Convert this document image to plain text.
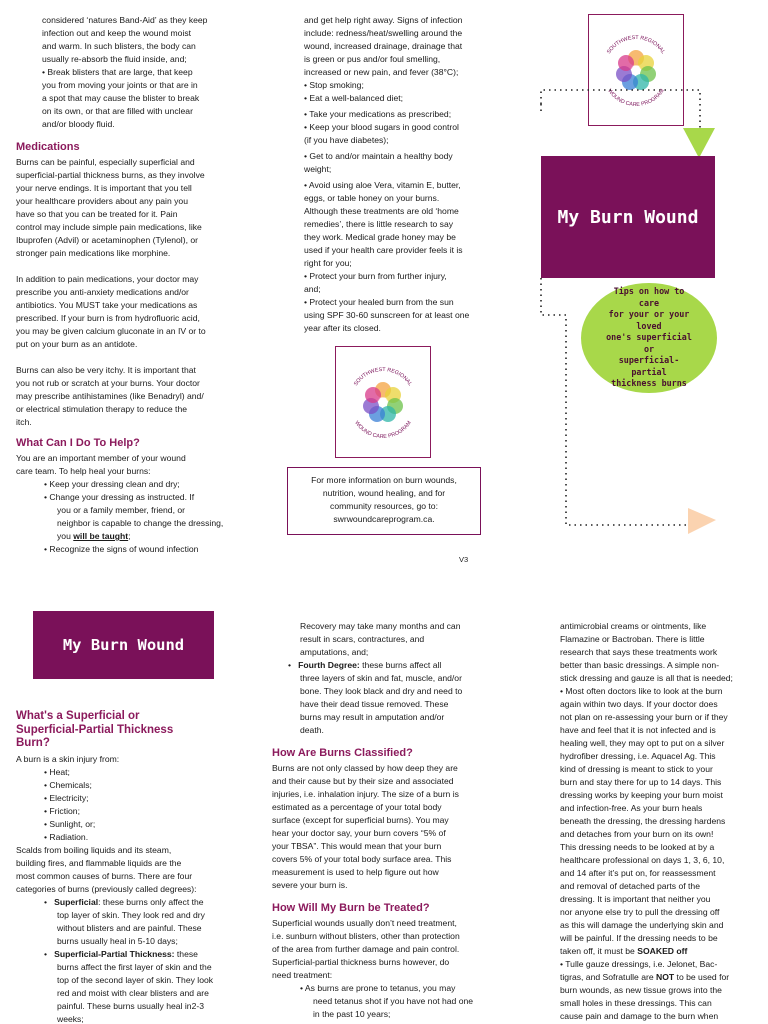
considered ‘natures Band-Aid’ as they keep

infection out and keep the wound moist

and warm. In such blisters, the body can

usually re-absorb the fluid inside, and;

• Break blisters that are large, that keep

you from moving your joints or that are in

a spot that may cause the blister to break

on its own, or that are filled with unclear

and/or bloody fluid.

Medications

Burns can be painful, especially superficial and

superficial-partial thickness burns, as they involve

your nerve endings. It is important that you tell

your healthcare providers about any pain you

have so that you can be treated for it. Pain

control may include simple pain medications, like

Ibuprofen (Advil) or acetaminophen (Tylenol), or

stronger pain medications like morphine.

In addition to pain medications, your doctor may

prescribe you anti-anxiety medications and/or

antibiotics. You MUST take your medications as

prescribed. If your burn is from hydrofluoric acid,

you may be given calcium gluconate in an IV or to

put on your burn as an antidote.

Burns can also be very itchy. It is important that

you not rub or scratch at your burns. Your doctor

may prescribe antihistamines (like Benadryl) and/

or electrical stimulation therapy to reduce the

itch.

What Can I Do To Help?

You are an important member of your wound

care team. To help heal your burns:

• Keep your dressing clean and dry;

• Change your dressing as instructed. If

you or a family member, friend, or

neighbor is capable to change the dressing,

you will be taught;

• Recognize the signs of wound infection

and get help right away. Signs of infection

include: redness/heat/swelling around the

wound, increased drainage, drainage that

is green or pus and/or foul smelling,

increased or new pain, and fever (38°C);

• Stop smoking;

• Eat a well-balanced diet;

• Take your medications as prescribed;

• Keep your blood sugars in good control

(if you have diabetes);

• Get to and/or maintain a healthy body

weight;

• Avoid using aloe Vera, vitamin E, butter,

eggs, or table honey on your burns.

Although these treatments are old ‘home

remedies’, there is little research to say

they work. Medical grade honey may be

used if your health care provider feels it is

right for you;

• Protect your burn from further injury,

and;

• Protect your healed burn from the sun

using SPF 30-60 sunscreen for at least one

year after its closed.

SOUTHWEST REGIONAL
WOUND CARE PROGRAM

For more information on burn wounds,

nutrition, wound healing, and for

community resources, go to:

swrwoundcareprogram.ca.

V3
SOUTHWEST REGIONAL
WOUND CARE PROGRAM
My Burn Wound

Tips on how to care

for your or your loved

one's superficial or

superficial-partial

thickness burns

My Burn Wound

What's a Superficial or

Superficial-Partial Thickness

Burn?

A burn is a skin injury from:

• Heat;

• Chemicals;

• Electricity;

• Friction;

• Sunlight, or;

• Radiation.

Scalds from boiling liquids and its steam,

building fires, and flammable liquids are the

most common causes of burns. There are four

categories of burns (previously called degrees):

•   Superficial: these burns only affect the

top layer of skin. They look red and dry

without blisters and are painful. These

burns usually heal in 5-10 days;

•   Superficial-Partial Thickness: these

burns affect the first layer of skin and the

top of the second layer of skin. They look

red and moist with clear blisters and are

painful. These burns usually heal in2-3

weeks;

Recovery may take many months and can

result in scars, contractures, and

amputations, and;

•   Fourth Degree: these burns affect all

three layers of skin and fat, muscle, and/or

bone. They look black and dry and need to

have their dead tissue removed. These

burns may result in amputation and/or

death.

How Are Burns Classified?

Burns are not only classed by how deep they are

and their cause but by their size and associated

injuries, i.e. inhalation injury. The size of a burn is

estimated as a percentage of your total body

surface (except for superficial burns). You may

hear your doctor say, your burn covers “5% of

your TBSA”. This would mean that your burn

covers 5% of your total body surface area. This

measurement is used to help figure out how

severe your burn is.

How Will My Burn be Treated?

Superficial wounds usually don’t need treatment,

i.e. sunburn without blisters, other than protection

of the area from further damage and pain control.

Superficial-partial thickness burns however, do

need treatment:

• As burns are prone to tetanus, you may

need tetanus shot if you have not had one

in the past 10 years;

antimicrobial creams or ointments, like

Flamazine or Bactroban. There is little

research that says these treatments work

better than basic dressings. A simple non-

stick dressing and gauze is all that is needed;

• Most often doctors like to look at the burn

again within two days. If your doctor does

not plan on re-assessing your burn or if they

have and feel that it is not infected and is

healing well, they may opt to put on a silver

hydrofiber dressing, i.e. Aquacel Ag. This

kind of dressing is meant to stick to your

burn and stay there for up to 14 days. This

dressing works by keeping your burn moist

and infection-free. As your burn heals

beneath the dressing, the dressing hardens

and detaches from your burn on its own!

This dressing needs to be looked at by a

healthcare professional on days 1, 3, 6, 10,

and 14 after it’s put on, for reassessment

and removal of detached parts of the

dressing. It is important that neither you

nor anyone else try to pull the dressing off

as this will damage the underlying skin and

will be painful. If the dressing needs to be

taken off, it must be SOAKED off

• Tulle gauze dressings, i.e. Jelonet, Bac-

tigras, and Sofratulle are NOT to be used for

burn wounds, as new tissue grows into the

small holes in these dressings. This can

cause pain and damage to the burn when
